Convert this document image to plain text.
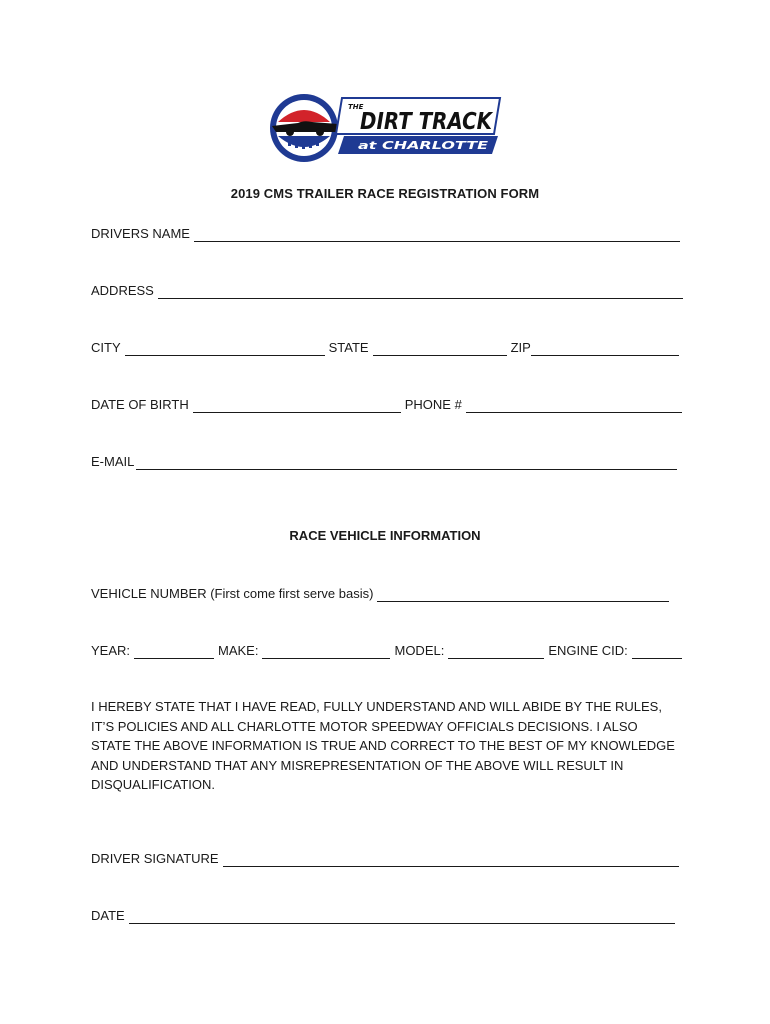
THE
DIRT TRACK
at CHARLOTTE
2019 CMS TRAILER RACE REGISTRATION FORM
DRIVERS NAME
ADDRESS
CITY	STATE	ZIP
DATE OF BIRTH	PHONE #
E-MAIL
RACE VEHICLE INFORMATION
VEHICLE NUMBER (First come first serve basis)
YEAR:	MAKE:	MODEL:	ENGINE CID:
I HEREBY STATE THAT I HAVE READ, FULLY UNDERSTAND AND WILL ABIDE BY THE RULES, IT’S POLICIES AND ALL CHARLOTTE MOTOR SPEEDWAY OFFICIALS DECISIONS. I ALSO STATE THE ABOVE INFORMATION IS TRUE AND CORRECT TO THE BEST OF MY KNOWLEDGE AND UNDERSTAND THAT ANY MISREPRESENTATION OF THE ABOVE WILL RESULT IN DISQUALIFICATION.
DRIVER SIGNATURE
DATE
